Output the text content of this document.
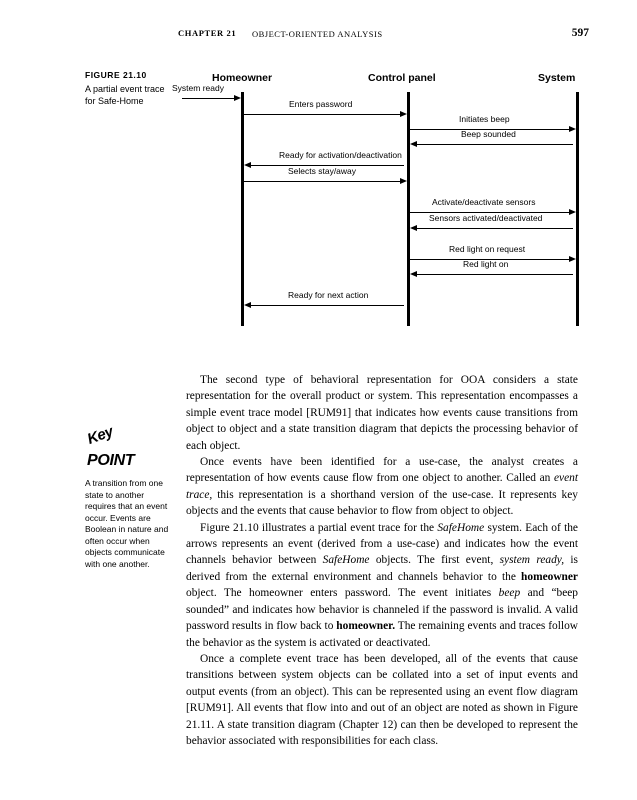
CHAPTER 21 OBJECT-ORIENTED ANALYSIS	597
FIGURE 21.10
A partial event trace for Safe-Home
Homeowner	Control panel	System
System ready
Enters password
Initiates beep
Beep sounded
Ready for activation/deactivation
Selects stay/away
Activate/deactivate sensors
Sensors activated/deactivated
Red light on request
Red light on
Ready for next action
Key
POINT
A transition from one state to another requires that an event occur. Events are Boolean in nature and often occur when objects communicate with one another.

The second type of behavioral representation for OOA considers a state representation for the overall product or system. This representation encompasses a simple event trace model [RUM91] that indicates how events cause transitions from object to object and a state transition diagram that depicts the processing behavior of each object.

Once events have been identified for a use-case, the analyst creates a representation of how events cause flow from one object to another. Called an event trace, this representation is a shorthand version of the use-case. It represents key objects and the events that cause behavior to flow from object to object.

Figure 21.10 illustrates a partial event trace for the SafeHome system. Each of the arrows represents an event (derived from a use-case) and indicates how the event channels behavior between SafeHome objects. The first event, system ready, is derived from the external environment and channels behavior to the homeowner object. The homeowner enters password. The event initiates beep and “beep sounded” and indicates how behavior is channeled if the password is invalid. A valid password results in flow back to homeowner. The remaining events and traces follow the behavior as the system is activated or deactivated.

Once a complete event trace has been developed, all of the events that cause transitions between system objects can be collated into a set of input events and output events (from an object). This can be represented using an event flow diagram [RUM91]. All events that flow into and out of an object are noted as shown in Figure 21.11. A state transition diagram (Chapter 12) can then be developed to represent the behavior associated with responsibilities for each class.
